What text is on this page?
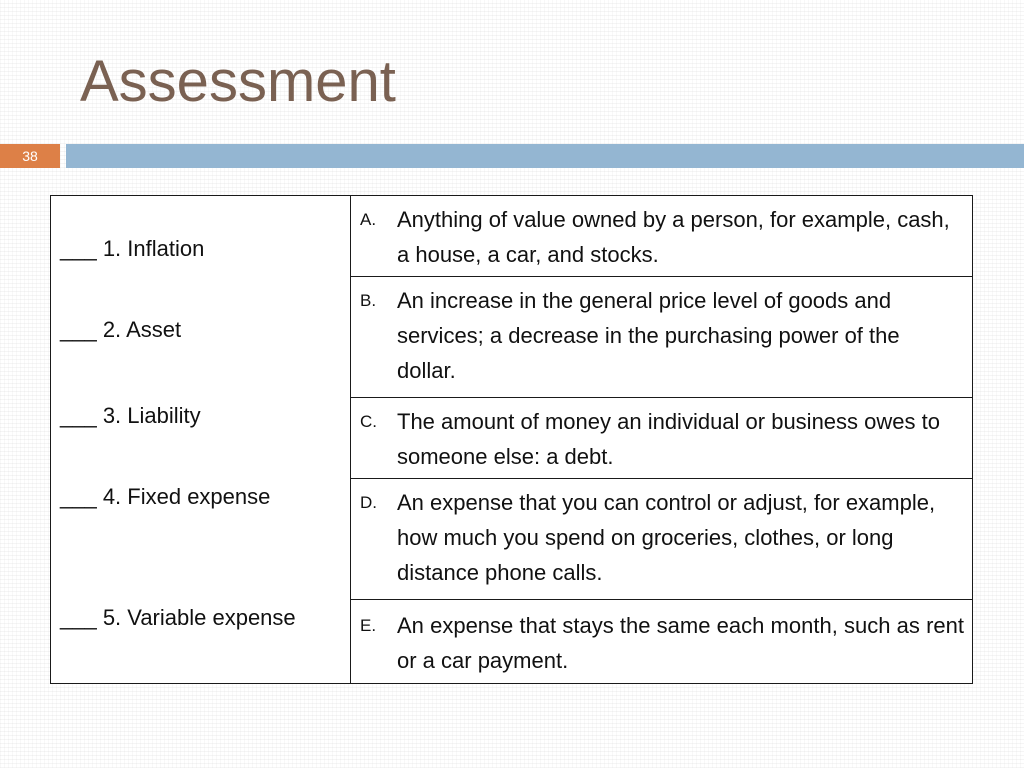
Assessment
38
___ 1. Inflation
___ 2. Asset
___ 3. Liability
___ 4. Fixed expense
___ 5. Variable expense

A. Anything of value owned by a person, for example, cash, a house, a car, and stocks.

B. An increase in the general price level of goods and services; a decrease in the purchasing power of the dollar.

C. The amount of money an individual or business owes to someone else: a debt.

D. An expense that you can control or adjust, for example, how much you spend on groceries, clothes, or long distance phone calls.

E. An expense that stays the same each month, such as rent or a car payment.
